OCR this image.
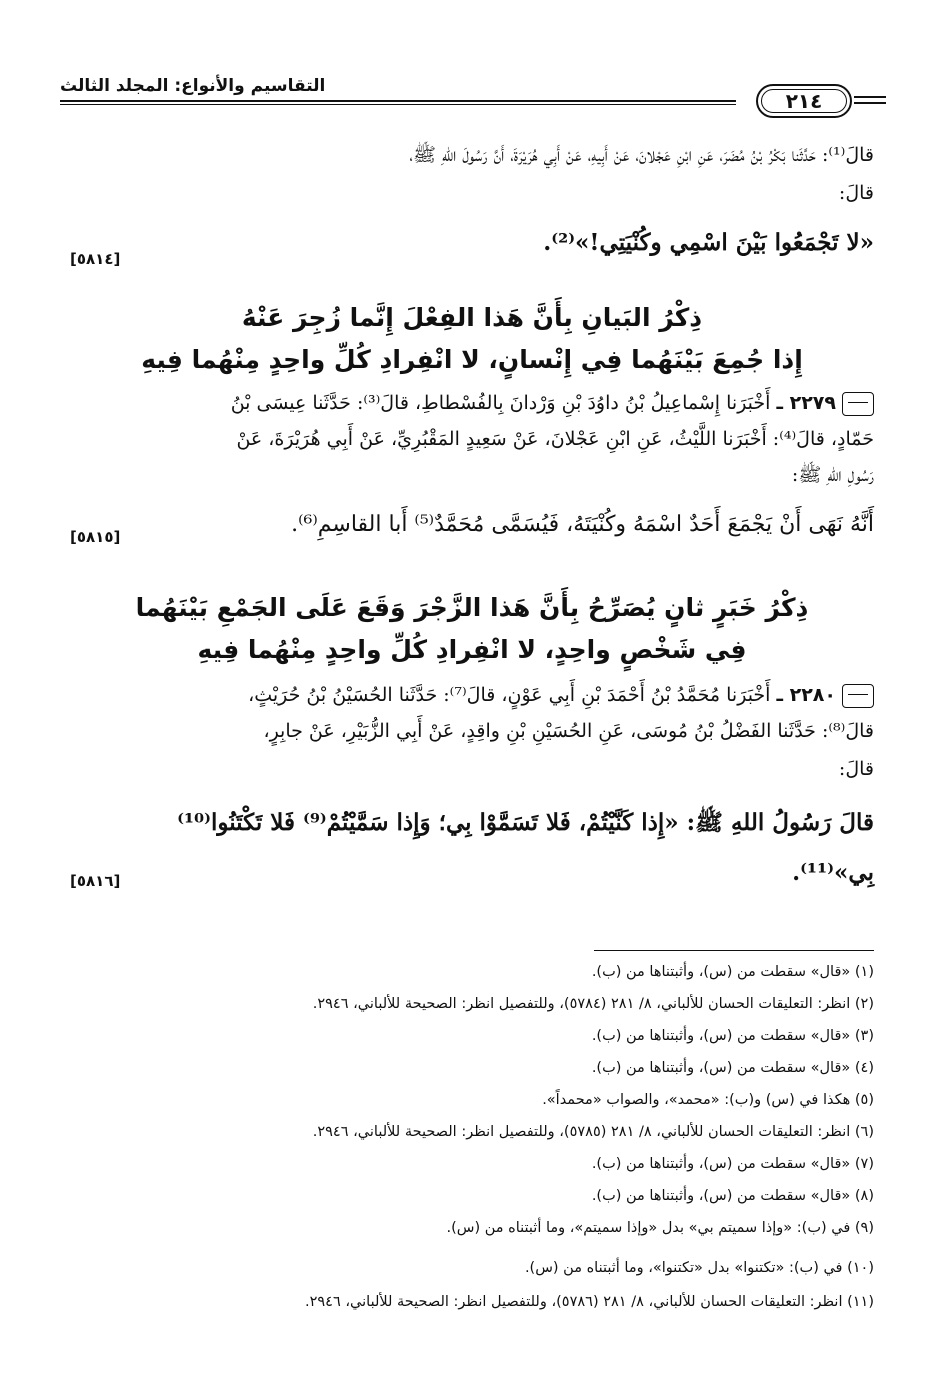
التقاسيم والأنواع: المجلد الثالث
٢١٤
قالَ⁽¹⁾: حَدَّثَنا بَكْرُ بْنُ مُضَرَ، عَنِ ابْنِ عَجْلانَ، عَنْ أَبِيهِ، عَنْ أَبِي هُرَيْرَةَ، أَنَّ رَسُولَ اللهِ ﷺ،
قالَ:
«لا تَجْمَعُوا بَيْنَ اسْمِي وكُنْيَتِي!»⁽²⁾.
[٥٨١٤]
ذِكْرُ البَيانِ بِأَنَّ هَذا الفِعْلَ إِنَّما زُجِرَ عَنْهُ
إِذا جُمِعَ بَيْنَهُما فِي إِنْسانٍ، لا انْفِرادِ كُلِّ واحِدٍ مِنْهُما فِيهِ
٢٢٧٩ ـ أَخْبَرَنا إِسْماعِيلُ بْنُ داوُدَ بْنِ وَرْدانَ بِالفُسْطاطِ، قالَ⁽³⁾: حَدَّثَنا عِيسَى بْنُ
حَمّادٍ، قالَ⁽⁴⁾: أَخْبَرَنا اللَّيْثُ، عَنِ ابْنِ عَجْلانَ، عَنْ سَعِيدٍ المَقْبُرِيِّ، عَنْ أَبِي هُرَيْرَةَ، عَنْ
رَسُولِ اللهِ ﷺ:
أَنَّهُ نَهَى أَنْ يَجْمَعَ أَحَدٌ اسْمَهُ وكُنْيَتَهُ، فَيُسَمَّى مُحَمَّدٌ⁽⁵⁾ أَبا القاسِمِ⁽⁶⁾.
[٥٨١٥]
ذِكْرُ خَبَرٍ ثانٍ يُصَرِّحُ بِأَنَّ هَذا الزَّجْرَ وَقَعَ عَلَى الجَمْعِ بَيْنَهُما
فِي شَخْصٍ واحِدٍ، لا انْفِرادِ كُلِّ واحِدٍ مِنْهُما فِيهِ
٢٢٨٠ ـ أَخْبَرَنا مُحَمَّدُ بْنُ أَحْمَدَ بْنِ أَبِي عَوْنٍ، قالَ⁽⁷⁾: حَدَّثَنا الحُسَيْنُ بْنُ حُرَيْثٍ،
قالَ⁽⁸⁾: حَدَّثَنا الفَضْلُ بْنُ مُوسَى، عَنِ الحُسَيْنِ بْنِ واقِدٍ، عَنْ أَبِي الزُّبَيْرِ، عَنْ جابِرٍ،
قالَ:
قالَ رَسُولُ اللهِ ﷺ: «إِذا كَنَّيْتُمْ، فَلا تَسَمَّوْا بِي؛ وَإِذا سَمَّيْتُمْ⁽⁹⁾ فَلا تَكْتَنُوا⁽¹⁰⁾
بِي»⁽¹¹⁾.
[٥٨١٦]
(١) «قال» سقطت من (س)، وأثبتناها من (ب).
(٢) انظر: التعليقات الحسان للألباني، ٨/ ٢٨١ (٥٧٨٤)، وللتفصيل انظر: الصحيحة للألباني، ٢٩٤٦.
(٣) «قال» سقطت من (س)، وأثبتناها من (ب).
(٤) «قال» سقطت من (س)، وأثبتناها من (ب).
(٥) هكذا في (س) و(ب): «محمد»، والصواب «محمداً».
(٦) انظر: التعليقات الحسان للألباني، ٨/ ٢٨١ (٥٧٨٥)، وللتفصيل انظر: الصحيحة للألباني، ٢٩٤٦.
(٧) «قال» سقطت من (س)، وأثبتناها من (ب).
(٨) «قال» سقطت من (س)، وأثبتناها من (ب).
(٩) في (ب): «وإذا سميتم بي» بدل «وإذا سميتم»، وما أثبتناه من (س).
(١٠) في (ب): «تكتنوا» بدل «تكتنوا»، وما أثبتناه من (س).
(١١) انظر: التعليقات الحسان للألباني، ٨/ ٢٨١ (٥٧٨٦)، وللتفصيل انظر: الصحيحة للألباني، ٢٩٤٦.
